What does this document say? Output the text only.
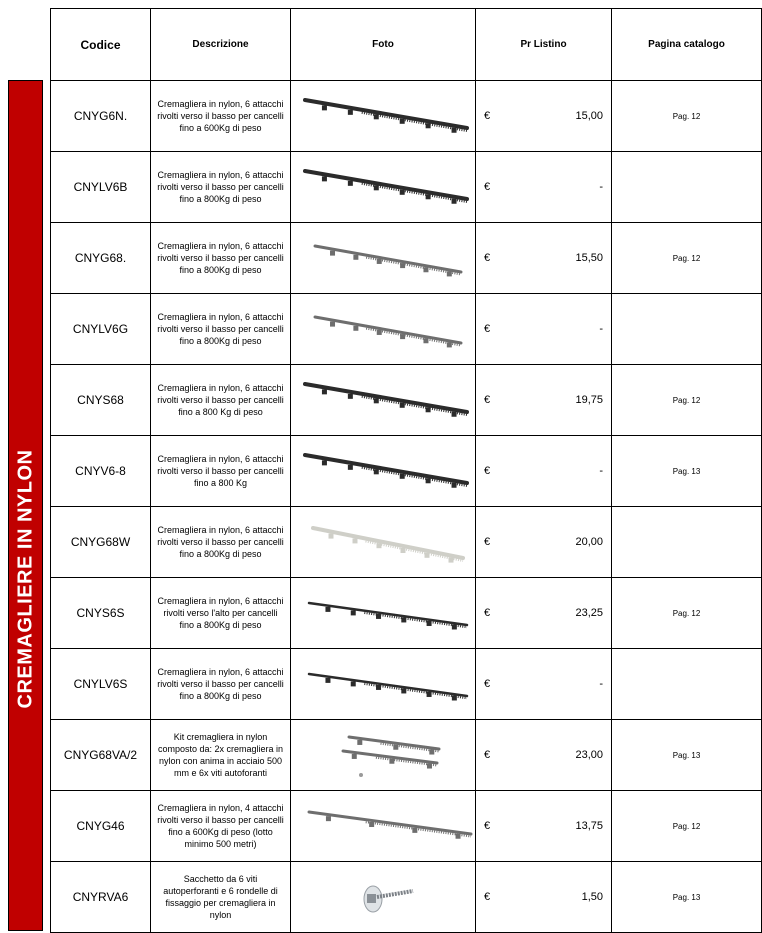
CREMAGLIERE IN NYLON
Codice	Descrizione	Foto	Pr Listino	Pagina catalogo
CNYG6N.	Cremagliera in nylon, 6 attacchi rivolti verso il basso per cancelli fino a 600Kg di peso		€ 15,00	Pag. 12
CNYLV6B	Cremagliera in nylon, 6 attacchi rivolti verso il basso per cancelli fino a 800Kg di peso		€ -	

CNYG68.	Cremagliera in nylon, 6 attacchi rivolti verso il basso per cancelli fino a 800Kg di peso		€ 15,50	Pag. 12
CNYLV6G	Cremagliera in nylon, 6 attacchi rivolti verso il basso per cancelli fino a 800Kg di peso		€ -	

CNYS68	Cremagliera in nylon, 6 attacchi rivolti verso il basso per cancelli fino a 800 Kg di peso		€ 19,75	Pag. 12
CNYV6-8	Cremagliera in nylon, 6 attacchi rivolti verso il basso per cancelli fino a 800 Kg		€ -	Pag. 13
CNYG68W	Cremagliera in nylon, 6 attacchi rivolti verso il basso per cancelli fino a 800Kg di peso		€ 20,00	

CNYS6S	Cremagliera in nylon, 6 attacchi rivolti verso l'alto per cancelli fino a 800Kg di peso		€ 23,25	Pag. 12
CNYLV6S	Cremagliera in nylon, 6 attacchi rivolti verso il basso per cancelli fino a 800Kg di peso		€ -	

CNYG68VA/2	Kit cremagliera in nylon composto da: 2x cremagliera in nylon con anima in acciaio 500 mm e 6x viti autoforanti		€ 23,00	Pag. 13
CNYG46	Cremagliera in nylon, 4 attacchi rivolti verso il basso per cancelli fino a 600Kg di peso (lotto minimo 500 metri)		€ 13,75	Pag. 12
CNYRVA6	Sacchetto da 6 viti autoperforanti e 6 rondelle di fissaggio per cremagliera in nylon		€ 1,50	Pag. 13
